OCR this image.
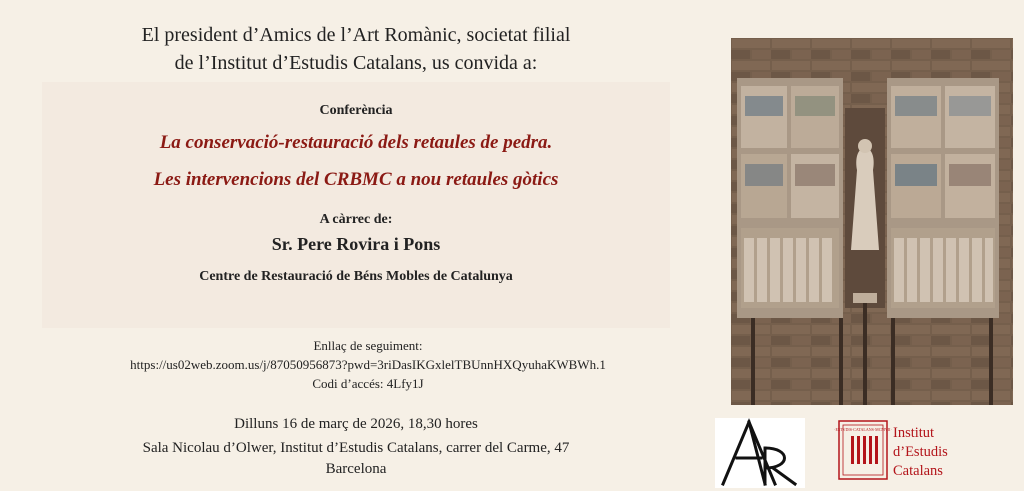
El president d’Amics de l’Art Romànic, societat filial
de l’Institut d’Estudis Catalans, us convida a:
Conferència
La conservació-restauració dels retaules de pedra.
Les intervencions del CRBMC a nou retaules gòtics
A càrrec de:
Sr. Pere Rovira i Pons
Centre de Restauració de Béns Mobles de Catalunya
Enllaç de seguiment:
https://us02web.zoom.us/j/87050956873?pwd=3riDasIKGxlelTBUnnHXQyuhaKWBWh.1
Codi d’accés: 4Lfy1J
Dilluns 16 de març de 2026, 18,30 hores
Sala Nicolau d’Olwer, Institut d’Estudis Catalans, carrer del Carme, 47
Barcelona
·ESTVDIS·CATALANS·MCMVII· Institut
d’Estudis
Catalans
